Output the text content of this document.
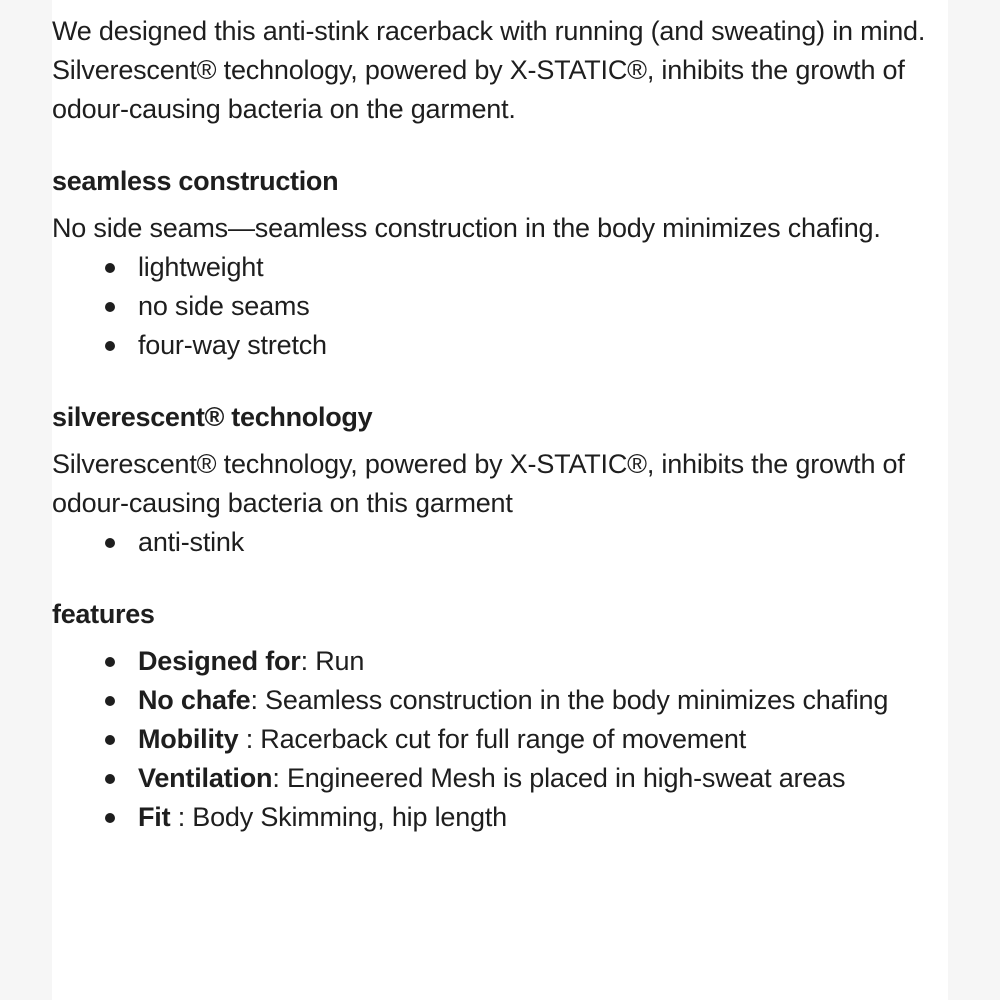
We designed this anti-stink racerback with running (and sweating) in mind. Silverescent® technology, powered by X-STATIC®, inhibits the growth of odour-causing bacteria on the garment.

seamless construction

No side seams—seamless construction in the body minimizes chafing.

lightweight
no side seams
four-way stretch
silverescent® technology

Silverescent® technology, powered by X-STATIC®, inhibits the growth of odour-causing bacteria on this garment

anti-stink
features
Designed for: Run
No chafe: Seamless construction in the body minimizes chafing
Mobility : Racerback cut for full range of movement
Ventilation: Engineered Mesh is placed in high-sweat areas
Fit : Body Skimming, hip length
